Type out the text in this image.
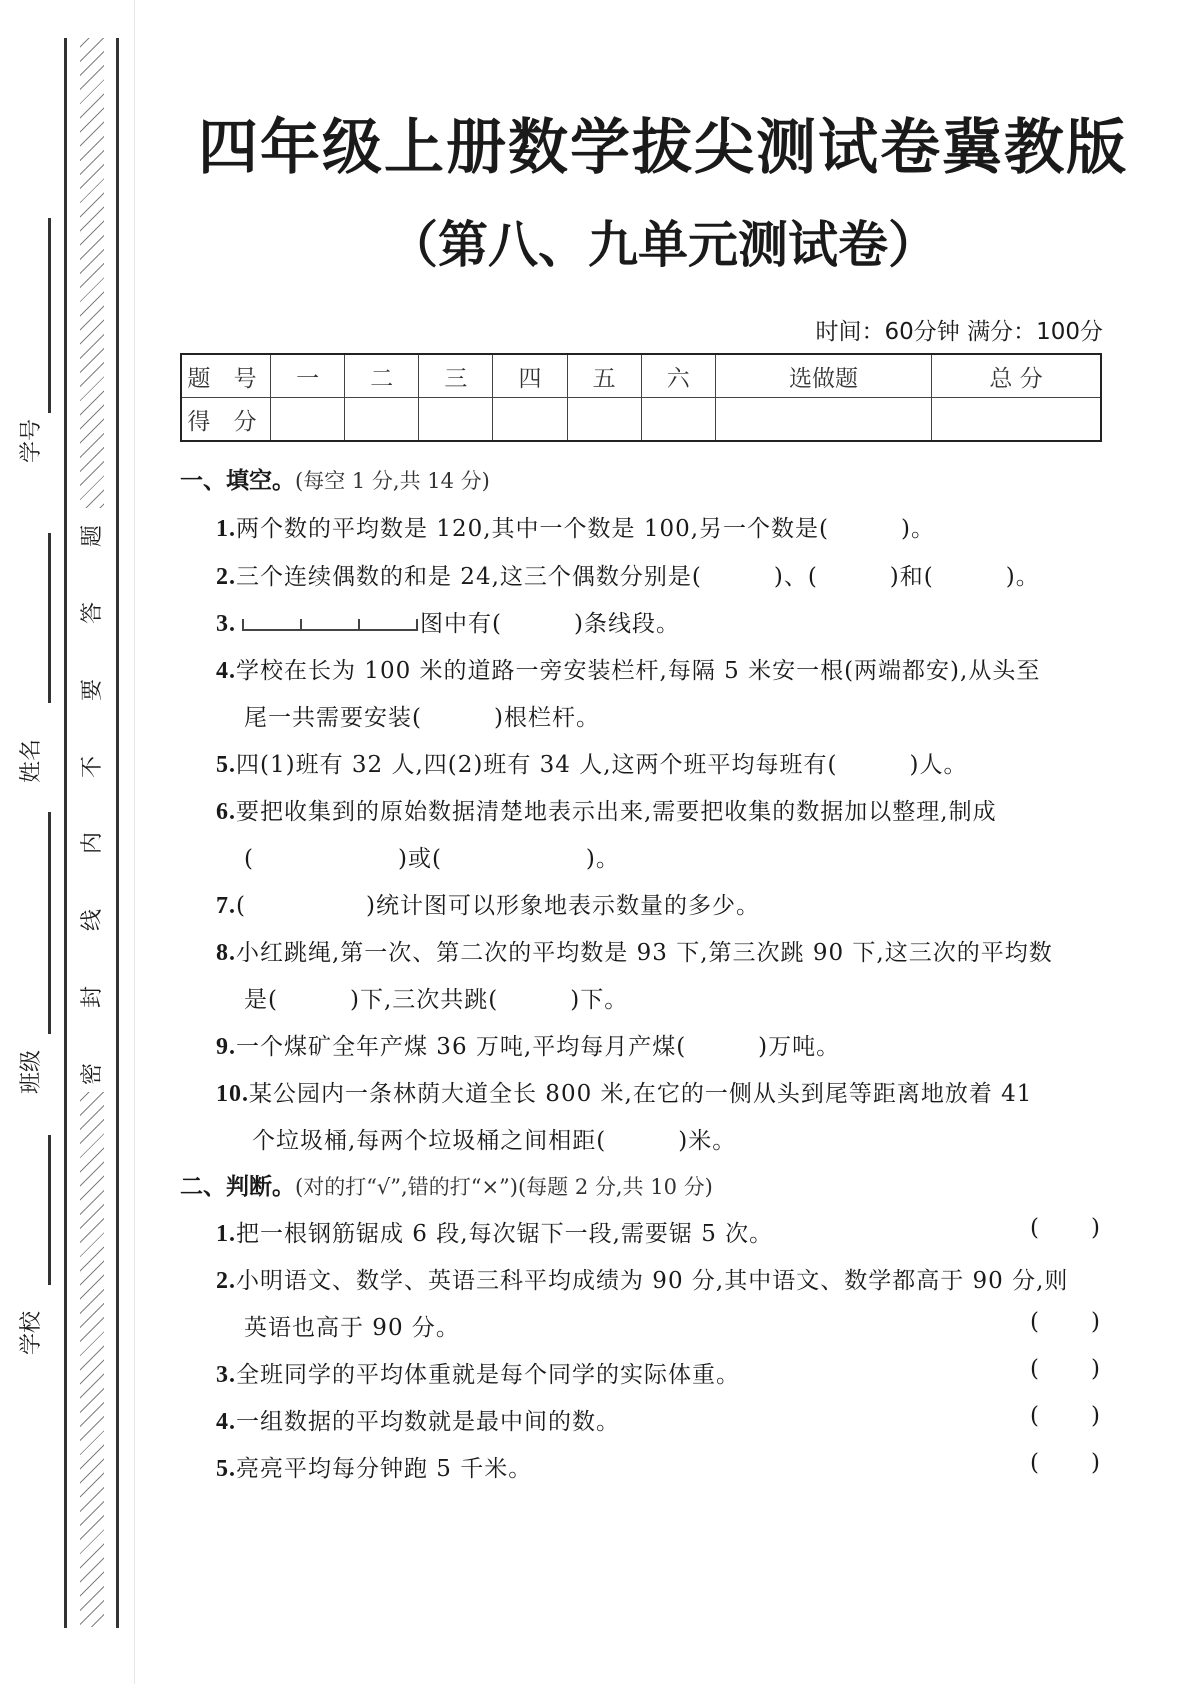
题
答
要
不
内
线
封
密
学号
姓名
班级
学校
四年级上册数学拔尖测试卷冀教版
（第八、九单元测试卷）
时间：60分钟 满分：100分
题 号	一	二	三	四	五	六	选做题	总 分
得 分								
一、填空。(每空 1 分,共 14 分)
1.两个数的平均数是 120,其中一个数是 100,另一个数是(　　　)。
2.三个连续偶数的和是 24,这三个偶数分别是(　　　)、(　　　)和(　　　)。
3.	图中有(　　　)条线段。
4.学校在长为 100 米的道路一旁安装栏杆,每隔 5 米安一根(两端都安),从头至
尾一共需要安装(　　　)根栏杆。
5.四(1)班有 32 人,四(2)班有 34 人,这两个班平均每班有(　　　)人。
6.要把收集到的原始数据清楚地表示出来,需要把收集的数据加以整理,制成
(　　　　　　)或(　　　　　　)。
7.(　　　　　)统计图可以形象地表示数量的多少。
8.小红跳绳,第一次、第二次的平均数是 93 下,第三次跳 90 下,这三次的平均数
是(　　　)下,三次共跳(　　　)下。
9.一个煤矿全年产煤 36 万吨,平均每月产煤(　　　)万吨。
10.某公园内一条林荫大道全长 800 米,在它的一侧从头到尾等距离地放着 41
个垃圾桶,每两个垃圾桶之间相距(　　　)米。
二、判断。(对的打“√”,错的打“×”)(每题 2 分,共 10 分)
1.把一根钢筋锯成 6 段,每次锯下一段,需要锯 5 次。	( )
2.小明语文、数学、英语三科平均成绩为 90 分,其中语文、数学都高于 90 分,则
英语也高于 90 分。	( )
3.全班同学的平均体重就是每个同学的实际体重。	( )
4.一组数据的平均数就是最中间的数。	( )
5.亮亮平均每分钟跑 5 千米。	( )
